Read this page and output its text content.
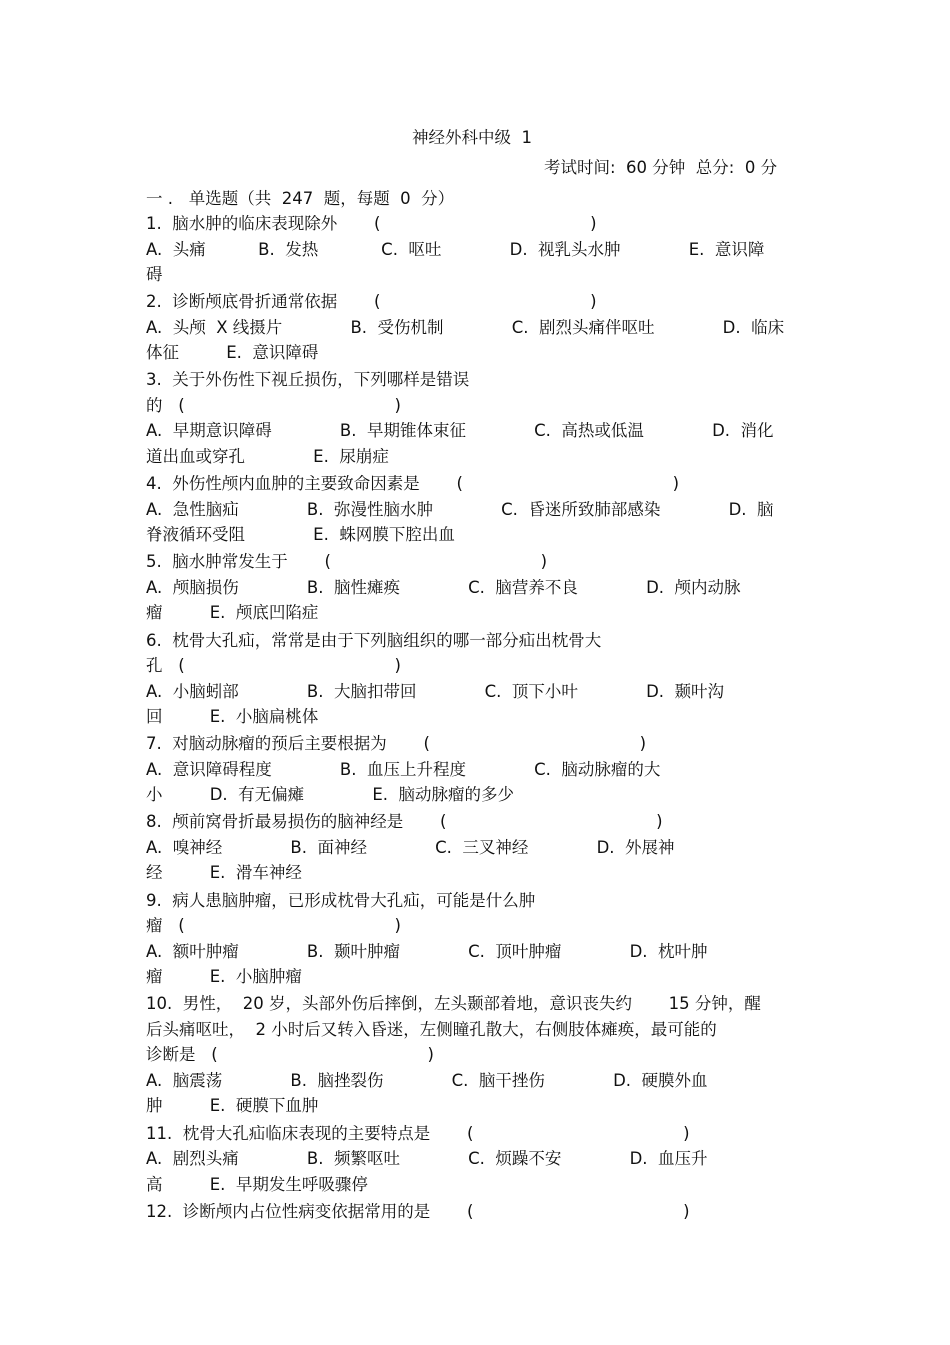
神经外科中级  1
考试时间:  60 分钟  总分:  0 分
一 .   单选题（共  247  题，每题  0  分）
1.  脑水肿的临床表现除外       (                                        )
A.  头痛          B.  发热            C.  呕吐             D.  视乳头水肿             E.  意识障
碍
2.  诊断颅底骨折通常依据       (                                        )
A.  头颅  X 线摄片             B.  受伤机制             C.  剧烈头痛伴呕吐             D.  临床
体征         E.  意识障碍
3.  关于外伤性下视丘损伤，下列哪样是错误
的   (                                        )
A.  早期意识障碍             B.  早期锥体束征             C.  高热或低温             D.  消化
道出血或穿孔             E.  尿崩症
4.  外伤性颅内血肿的主要致命因素是       (                                        )
A.  急性脑疝             B.  弥漫性脑水肿             C.  昏迷所致肺部感染             D.  脑
脊液循环受阻             E.  蛛网膜下腔出血
5.  脑水肿常发生于       (                                        )
A.  颅脑损伤             B.  脑性瘫痪             C.  脑营养不良             D.  颅内动脉
瘤         E.  颅底凹陷症
6.  枕骨大孔疝，常常是由于下列脑组织的哪一部分疝出枕骨大
孔   (                                        )
A.  小脑蚓部             B.  大脑扣带回             C.  顶下小叶             D.  颞叶沟
回         E.  小脑扁桃体
7.  对脑动脉瘤的预后主要根据为       (                                        )
A.  意识障碍程度             B.  血压上升程度             C.  脑动脉瘤的大
小         D.  有无偏瘫             E.  脑动脉瘤的多少
8.  颅前窝骨折最易损伤的脑神经是       (                                        )
A.  嗅神经             B.  面神经             C.  三叉神经             D.  外展神
经         E.  滑车神经
9.  病人患脑肿瘤，已形成枕骨大孔疝，可能是什么肿
瘤   (                                        )
A.  额叶肿瘤             B.  颞叶肿瘤             C.  顶叶肿瘤             D.  枕叶肿
瘤         E.  小脑肿瘤
10.  男性，  20 岁，头部外伤后摔倒，左头颞部着地，意识丧失约       15 分钟，醒
后头痛呕吐，  2 小时后又转入昏迷，左侧瞳孔散大，右侧肢体瘫痪，最可能的
诊断是   (                                        )
A.  脑震荡             B.  脑挫裂伤             C.  脑干挫伤             D.  硬膜外血
肿         E.  硬膜下血肿
11.  枕骨大孔疝临床表现的主要特点是       (                                        )
A.  剧烈头痛             B.  频繁呕吐             C.  烦躁不安             D.  血压升
高         E.  早期发生呼吸骤停
12.  诊断颅内占位性病变依据常用的是       (                                        )
